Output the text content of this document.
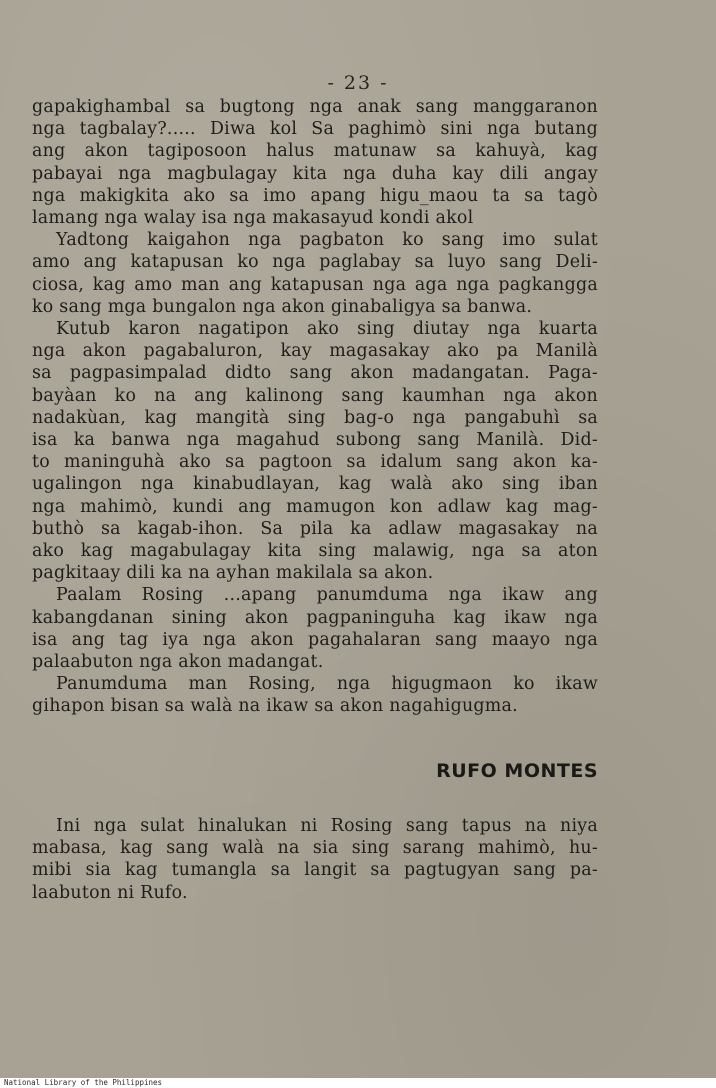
- 23 -
gapakighambal sa bugtong nga anak sang manggaranon
nga tagbalay?..... Diwa kol Sa paghimò sini nga butang
ang akon tagiposoon halus matunaw sa kahuyà, kag
pabayai nga magbulagay kita nga duha kay dili angay
nga makigkita ako sa imo apang higu_maou ta sa tagò
lamang nga walay isa nga makasayud kondi akol
Yadtong kaigahon nga pagbaton ko sang imo sulat
amo ang katapusan ko nga paglabay sa luyo sang Deli-
ciosa, kag amo man ang katapusan nga aga nga pagkangga
ko sang mga bungalon nga akon ginabaligya sa banwa.
Kutub karon nagatipon ako sing diutay nga kuarta
nga akon pagabaluron, kay magasakay ako pa Manilà
sa pagpasimpalad didto sang akon madangatan. Paga-
bayàan ko na ang kalinong sang kaumhan nga akon
nadakùan, kag mangità sing bag-o nga pangabuhì sa
isa ka banwa nga magahud subong sang Manilà. Did-
to maninguhà ako sa pagtoon sa idalum sang akon ka-
ugalingon nga kinabudlayan, kag walà ako sing iban
nga mahimò, kundi ang mamugon kon adlaw kag mag-
buthò sa kagab-ihon. Sa pila ka adlaw magasakay na
ako kag magabulagay kita sing malawig, nga sa aton
pagkitaay dili ka na ayhan makilala sa akon.
Paalam Rosing ...apang panumduma nga ikaw ang
kabangdanan sining akon pagpaninguha kag ikaw nga
isa ang tag iya nga akon pagahalaran sang maayo nga
palaabuton nga akon madangat.
Panumduma man Rosing, nga higugmaon ko ikaw
gihapon bisan sa walà na ikaw sa akon nagahigugma.
RUFO MONTES
Ini nga sulat hinalukan ni Rosing sang tapus na niya
mabasa, kag sang walà na sia sing sarang mahimò, hu-
mibi sia kag tumangla sa langit sa pagtugyan sang pa-
laabuton ni Rufo.
National Library of the Philippines
